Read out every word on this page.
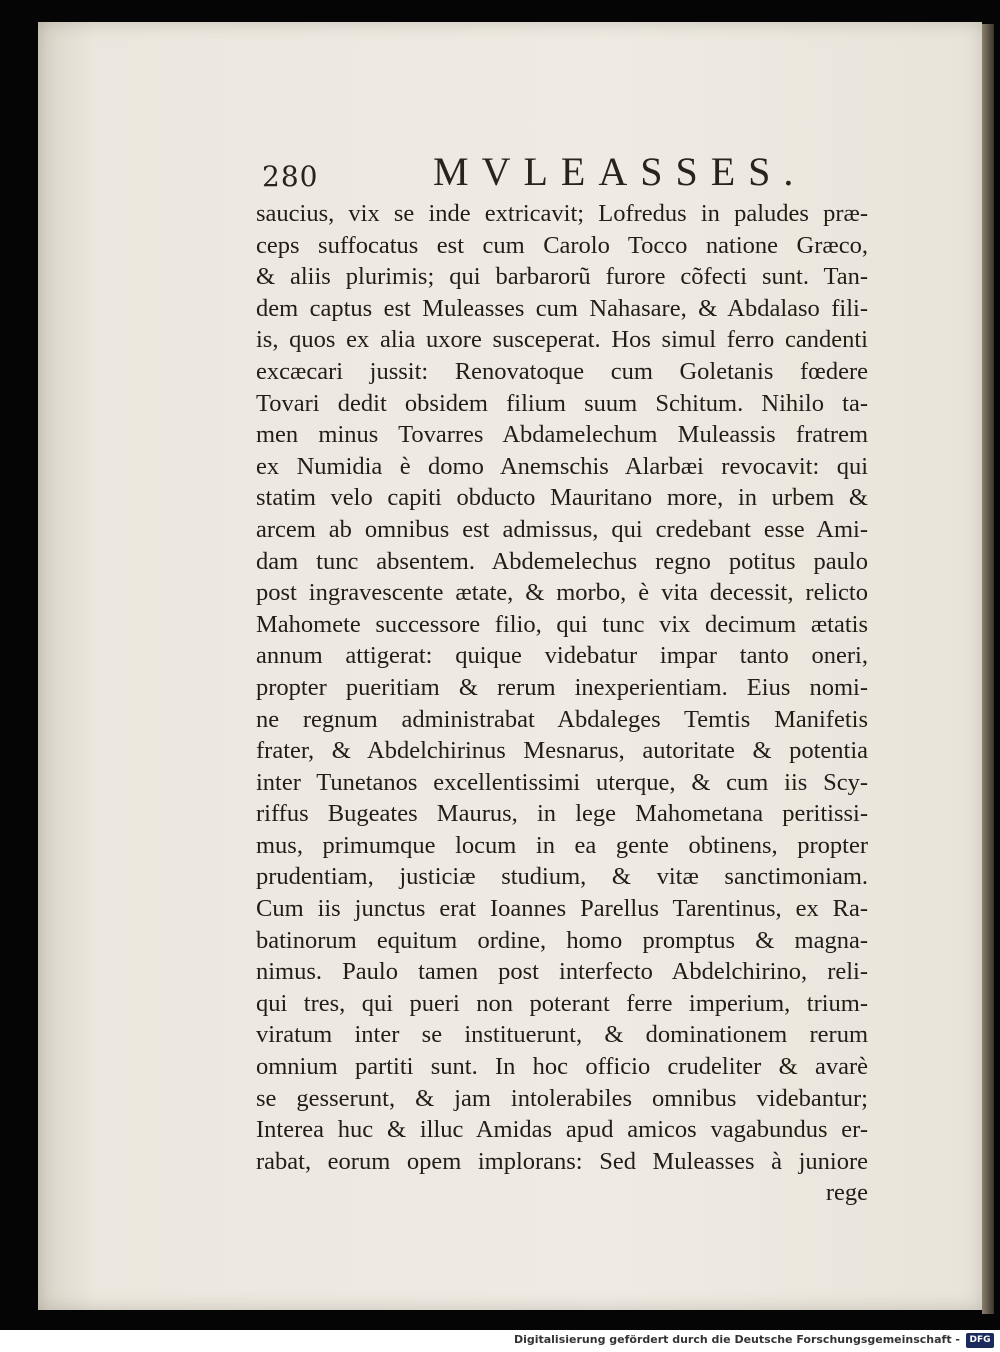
280	MVLEASSES.
saucius, vix se inde extricavit; Lofredus in paludes præ-
ceps suffocatus est cum Carolo Tocco natione Græco,
& aliis plurimis; qui barbarorũ furore cõfecti sunt. Tan-
dem captus est Muleasses cum Nahasare, & Abdalaso fili-
is, quos ex alia uxore susceperat. Hos simul ferro candenti
excæcari jussit: Renovatoque cum Goletanis fœdere
Tovari dedit obsidem filium suum Schitum. Nihilo ta-
men minus Tovarres Abdamelechum Muleassis fratrem
ex Numidia è domo Anemschis Alarbæi revocavit: qui
statim velo capiti obducto Mauritano more, in urbem &
arcem ab omnibus est admissus, qui credebant esse Ami-
dam tunc absentem. Abdemelechus regno potitus paulo
post ingravescente ætate, & morbo, è vita decessit, relicto
Mahomete successore filio, qui tunc vix decimum ætatis
annum attigerat: quique videbatur impar tanto oneri,
propter pueritiam & rerum inexperientiam. Eius nomi-
ne regnum administrabat Abdaleges Temtis Manifetis
frater, & Abdelchirinus Mesnarus, autoritate & potentia
inter Tunetanos excellentissimi uterque, & cum iis Scy-
riffus Bugeates Maurus, in lege Mahometana peritissi-
mus, primumque locum in ea gente obtinens, propter
prudentiam, justiciæ studium, & vitæ sanctimoniam.
Cum iis junctus erat Ioannes Parellus Tarentinus, ex Ra-
batinorum equitum ordine, homo promptus & magna-
nimus. Paulo tamen post interfecto Abdelchirino, reli-
qui tres, qui pueri non poterant ferre imperium, trium-
viratum inter se instituerunt, & dominationem rerum
omnium partiti sunt. In hoc officio crudeliter & avarè
se gesserunt, & jam intolerabiles omnibus videbantur;
Interea huc & illuc Amidas apud amicos vagabundus er-
rabat, eorum opem implorans: Sed Muleasses à juniore
rege
Digitalisierung gefördert durch die Deutsche Forschungsgemeinschaft -	DFG
